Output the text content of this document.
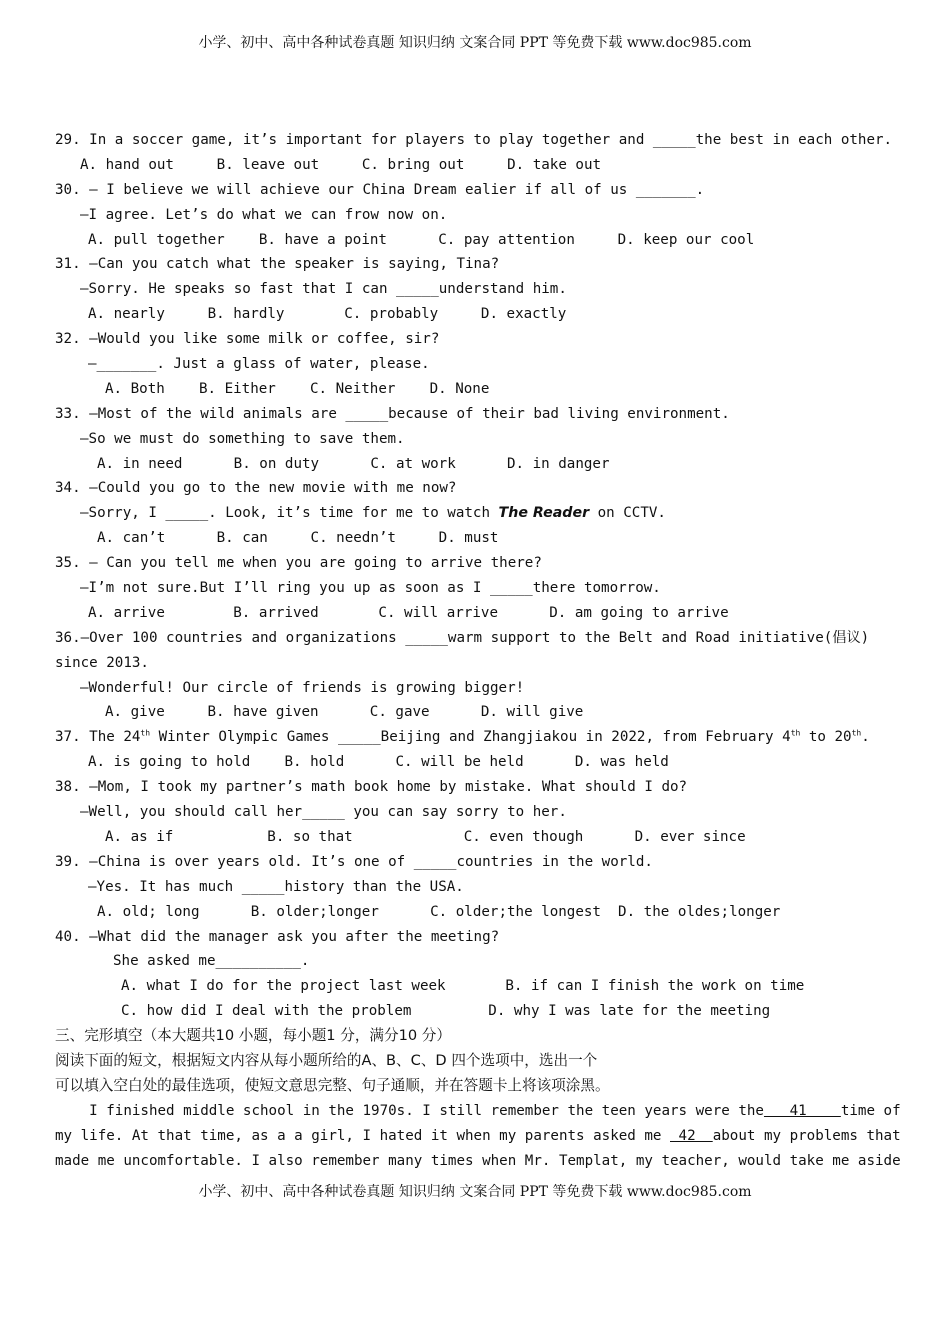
小学、初中、高中各种试卷真题 知识归纳 文案合同 PPT 等免费下载 www.doc985.com
29. In a soccer game, it’s important for players to play together and _____the best in each other.
A. hand out     B. leave out     C. bring out     D. take out
30. — I believe we will achieve our China Dream ealier if all of us _______.
—I agree. Let’s do what we can frow now on.
A. pull together    B. have a point      C. pay attention     D. keep our cool
31. —Can you catch what the speaker is saying, Tina?
—Sorry. He speaks so fast that I can _____understand him.
A. nearly     B. hardly       C. probably     D. exactly
32. —Would you like some milk or coffee, sir?
—_______. Just a glass of water, please.
A. Both    B. Either    C. Neither    D. None
33. —Most of the wild animals are _____because of their bad living environment.
—So we must do something to save them.
A. in need      B. on duty      C. at work      D. in danger
34. —Could you go to the new movie with me now?
—Sorry, I _____. Look, it’s time for me to watch The Reader on CCTV.
A. can’t      B. can     C. needn’t     D. must
35. — Can you tell me when you are going to arrive there?
—I’m not sure.But I’ll ring you up as soon as I _____there tomorrow.
A. arrive        B. arrived       C. will arrive      D. am going to arrive
36.—Over 100 countries and organizations _____warm support to the Belt and Road initiative(倡议)
since 2013.
—Wonderful! Our circle of friends is growing bigger!
A. give     B. have given      C. gave      D. will give
37. The 24th Winter Olympic Games _____Beijing and Zhangjiakou in 2022, from February 4th to 20th.
A. is going to hold    B. hold      C. will be held      D. was held
38. —Mom, I took my partner’s math book home by mistake. What should I do?
—Well, you should call her_____ you can say sorry to her.
A. as if           B. so that             C. even though      D. ever since
39. —China is over years old. It’s one of _____countries in the world.
—Yes. It has much _____history than the USA.
A. old; long      B. older;longer      C. older;the longest  D. the oldes;longer
40. —What did the manager ask you after the meeting?
She asked me__________.
A. what I do for the project last week       B. if can I finish the work on time
C. how did I deal with the problem         D. why I was late for the meeting
三、完形填空（本大题共10 小题，每小题1 分，满分10 分）
阅读下面的短文，根据短文内容从每小题所给的A、B、C、D 四个选项中，选出一个
可以填入空白处的最佳选项，使短文意思完整、句子通顺，并在答题卡上将该项涂黑。
I finished middle school in the 1970s. I still remember the teen years were the   41    time of
my life. At that time, as a a girl, I hated it when my parents asked me  42  about my problems that
made me uncomfortable. I also remember many times when Mr. Templat, my teacher, would take me aside
小学、初中、高中各种试卷真题 知识归纳 文案合同 PPT 等免费下载 www.doc985.com
